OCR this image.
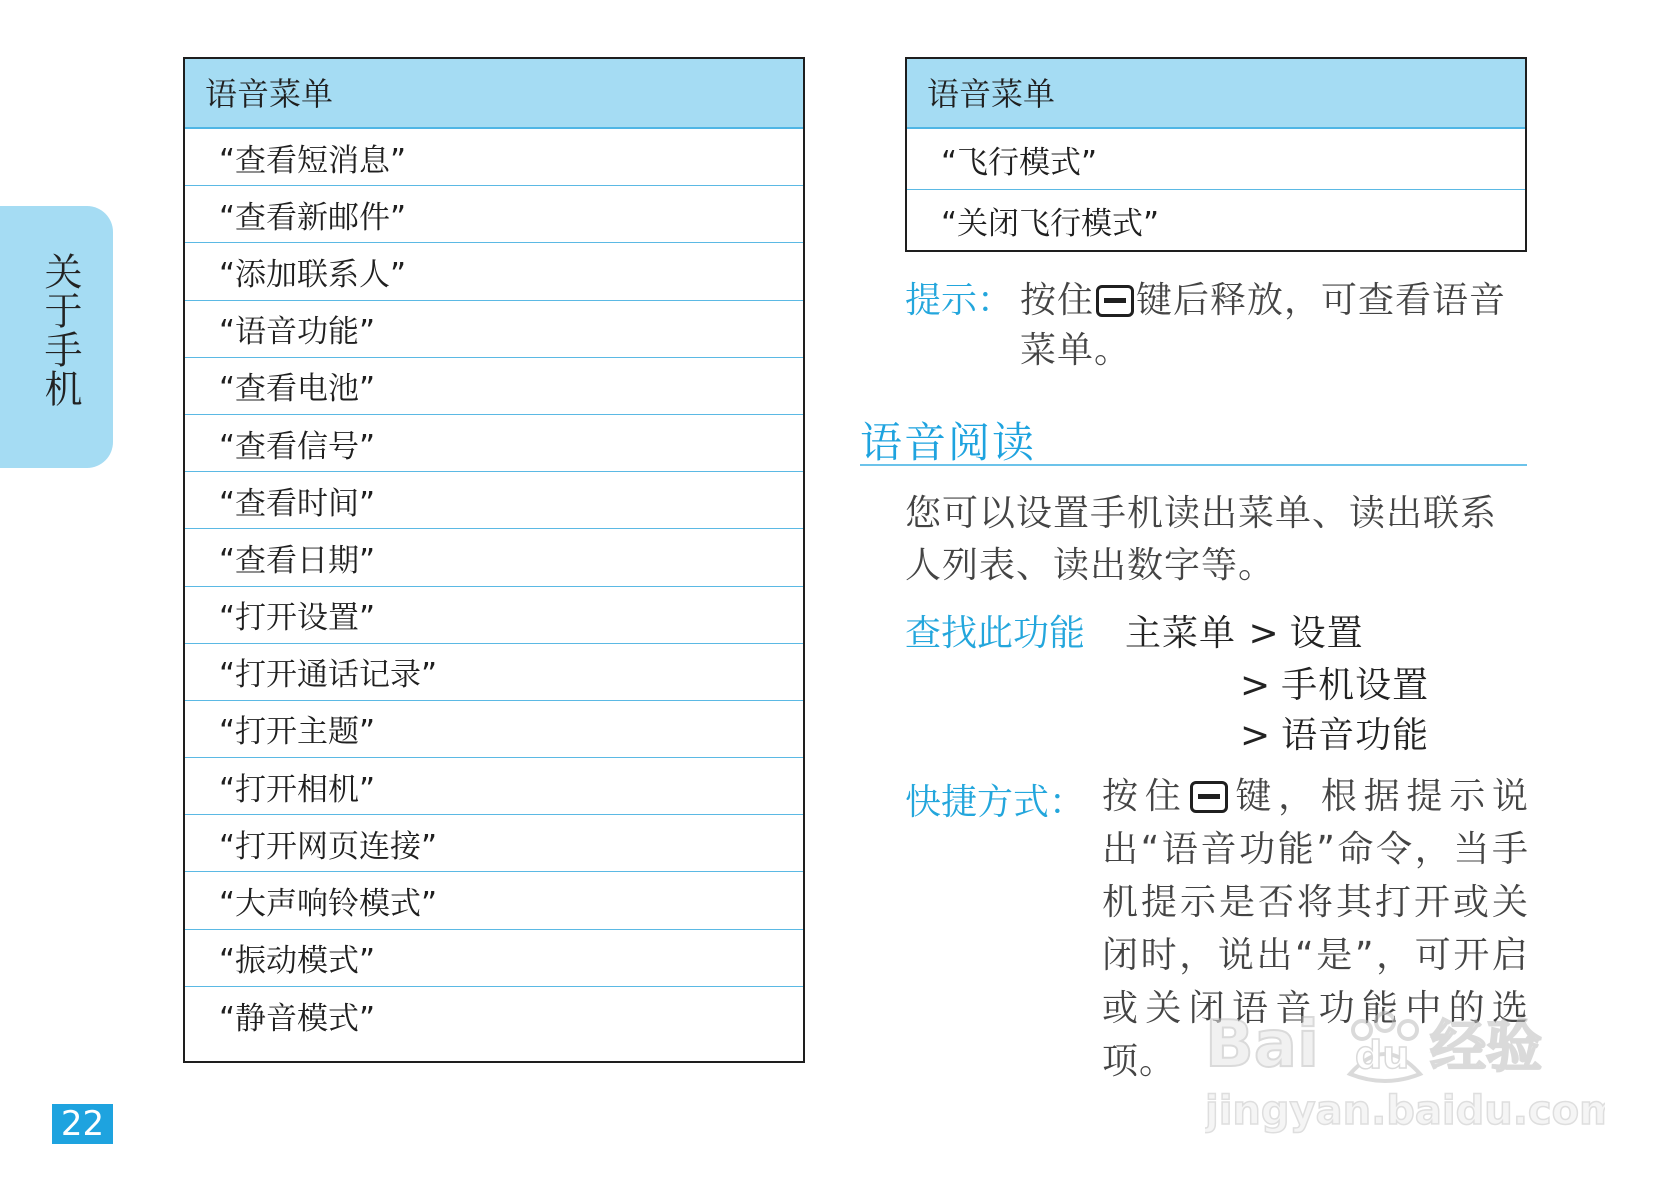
关于手机
22
语音菜单
“查看短消息”
“查看新邮件”
“添加联系人”
“语音功能”
“查看电池”
“查看信号”
“查看时间”
“查看日期”
“打开设置”
“打开通话记录”
“打开主题”
“打开相机”
“打开网页连接”
“大声响铃模式”
“振动模式”
“静音模式”
语音菜单
“飞行模式”
“关闭飞行模式”
提示： 按住 键后释放，可查看语音菜单。
语音阅读
您可以设置手机读出菜单、读出联系人列表、读出数字等。
查找此功能 主菜单 > 设置
> 手机设置
> 语音功能
快捷方式： 按住 键，根据提示说出“语音功能”命令，当手机提示是否将其打开或关闭时，说出“是”，可开启或关闭语音功能中的选项。 Bai du 经验
jingyan.baidu.com
